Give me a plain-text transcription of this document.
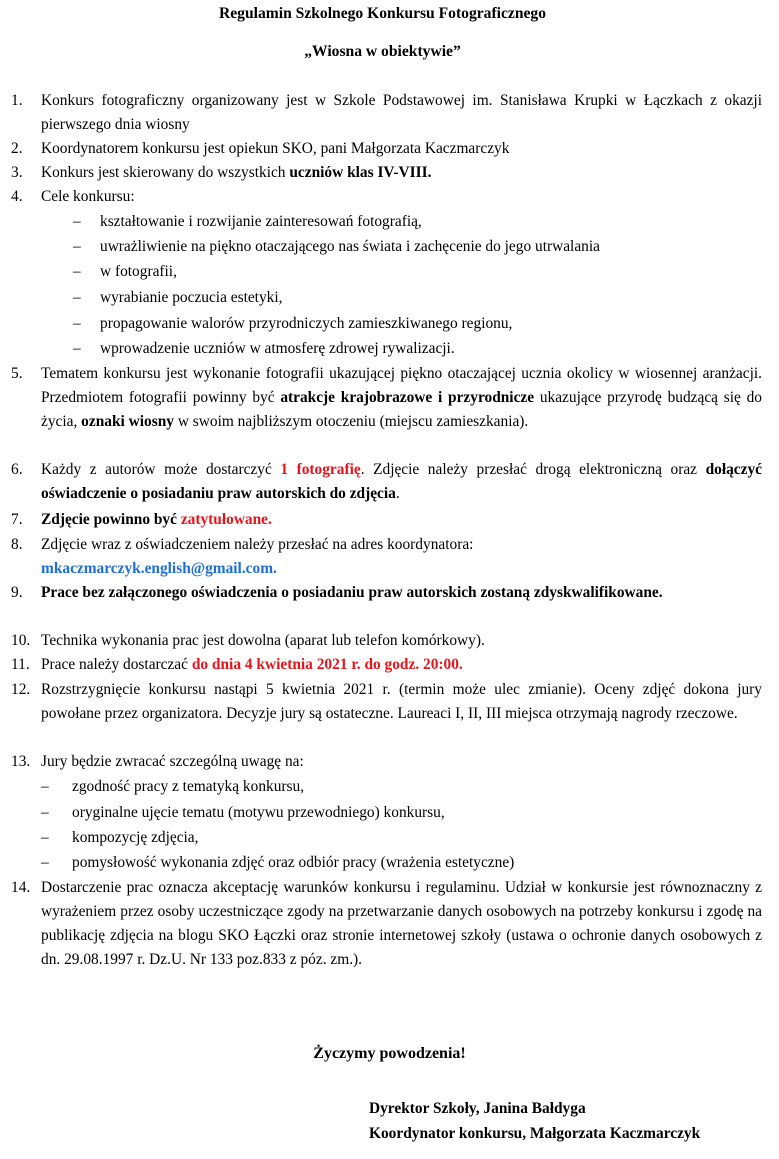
Regulamin Szkolnego Konkursu Fotograficznego
„Wiosna w obiektywie”
1. Konkurs fotograficzny organizowany jest w Szkole Podstawowej im. Stanisława Krupki w Łączkach z okazji pierwszego dnia wiosny
2. Koordynatorem konkursu jest opiekun SKO, pani Małgorzata Kaczmarczyk
3. Konkurs jest skierowany do wszystkich uczniów klas IV-VIII.
4. Cele konkursu:
– kształtowanie i rozwijanie zainteresowań fotografią,
– uwrażliwienie na piękno otaczającego nas świata i zachęcenie do jego utrwalania
– w fotografii,
– wyrabianie poczucia estetyki,
– propagowanie walorów przyrodniczych zamieszkiwanego regionu,
– wprowadzenie uczniów w atmosferę zdrowej rywalizacji.
5. Tematem konkursu jest wykonanie fotografii ukazującej piękno otaczającej ucznia okolicy w wiosennej aranżacji. Przedmiotem fotografii powinny być atrakcje krajobrazowe i przyrodnicze ukazujące przyrodę budzącą się do życia, oznaki wiosny w swoim najbliższym otoczeniu (miejscu zamieszkania).
6. Każdy z autorów może dostarczyć 1 fotografię. Zdjęcie należy przesłać drogą elektroniczną oraz dołączyć oświadczenie o posiadaniu praw autorskich do zdjęcia.
7. Zdjęcie powinno być zatytułowane.
8. Zdjęcie wraz z oświadczeniem należy przesłać na adres koordynatora:
mkaczmarczyk.english@gmail.com.
9. Prace bez załączonego oświadczenia o posiadaniu praw autorskich zostaną zdyskwalifikowane.
10. Technika wykonania prac jest dowolna (aparat lub telefon komórkowy).
11. Prace należy dostarczać do dnia 4 kwietnia 2021 r. do godz. 20:00.
12. Rozstrzygnięcie konkursu nastąpi 5 kwietnia 2021 r. (termin może ulec zmianie). Oceny zdjęć dokona jury powołane przez organizatora. Decyzje jury są ostateczne. Laureaci I, II, III miejsca otrzymają nagrody rzeczowe.
13. Jury będzie zwracać szczególną uwagę na:
– zgodność pracy z tematyką konkursu,
– oryginalne ujęcie tematu (motywu przewodniego) konkursu,
– kompozycję zdjęcia,
– pomysłowość wykonania zdjęć oraz odbiór pracy (wrażenia estetyczne)
14. Dostarczenie prac oznacza akceptację warunków konkursu i regulaminu. Udział w konkursie jest równoznaczny z wyrażeniem przez osoby uczestniczące zgody na przetwarzanie danych osobowych na potrzeby konkursu i zgodę na publikację zdjęcia na blogu SKO Łączki oraz stronie internetowej szkoły (ustawa o ochronie danych osobowych z dn. 29.08.1997 r. Dz.U. Nr 133 poz.833 z póz. zm.).
Życzymy powodzenia!
Dyrektor Szkoły, Janina Bałdyga
Koordynator konkursu, Małgorzata Kaczmarczyk
